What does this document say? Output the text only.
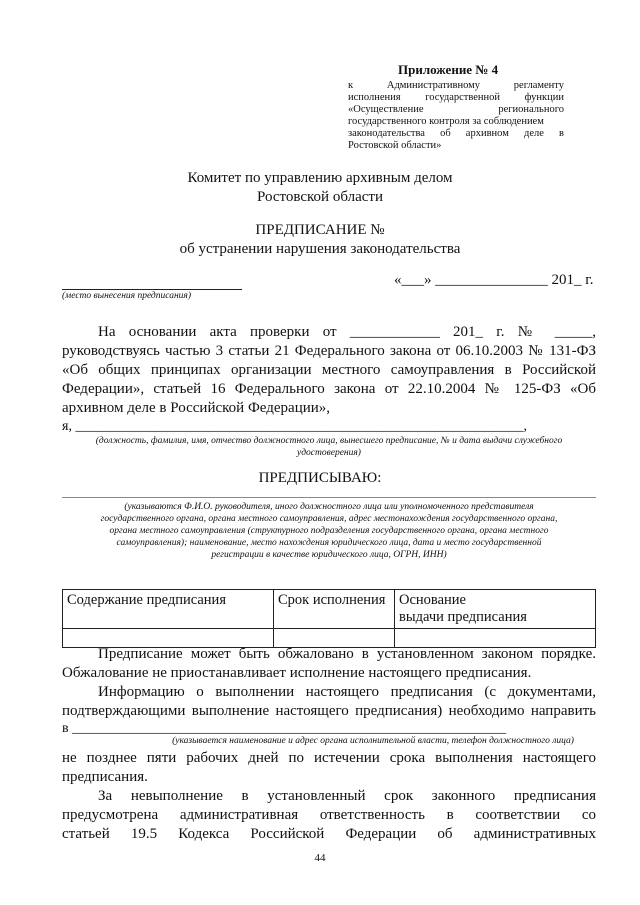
Приложение № 4
к Административному регламенту
исполнения государственной функции
«Осуществление регионального
государственного контроля за соблюдением
законодательства об архивном деле в
Ростовской области»
Комитет по управлению архивным делом
Ростовской области
ПРЕДПИСАНИЕ №
об устранении нарушения законодательства
«___» _______________ 201_ г.
(место вынесения предписания)
На основании акта проверки от ____________ 201_ г. № _____,
руководствуясь частью 3 статьи 21 Федерального закона от 06.10.2003 № 131-ФЗ
«Об общих принципах организации местного самоуправления в Российской
Федерации», статьей 16 Федерального закона от 22.10.2004 № 125-ФЗ «Об
архивном деле в Российской Федерации»,
я, ________________________________________________________________,
(должность, фамилия, имя, отчество должностного лица, вынесшего предписание, № и дата выдачи служебного
удостоверения)
ПРЕДПИСЫВАЮ:
(указываются Ф.И.О. руководителя, иного должностного лица или уполномоченного представителя
государственного органа, органа местного самоуправления, адрес местонахождения государственного органа,
органа местного самоуправления (структурного подразделения государственного органа, органа местного
самоуправления); наименование, место нахождения юридического лица, дата и место государственной
регистрации в качестве юридического лица, ОГРН, ИНН)
Содержание предписания	Срок исполнения	Основание
выдачи предписания

Предписание может быть обжаловано в установленном законом порядке.
Обжалование не приостанавливает исполнение настоящего предписания.
Информацию о выполнении настоящего предписания (с документами,
подтверждающими выполнение настоящего предписания) необходимо направить
в ______________________________________________________________
(указывается наименование и адрес органа исполнительной власти, телефон должностного лица)
не позднее пяти рабочих дней по истечении срока выполнения настоящего
предписания.
За невыполнение в установленный срок законного предписания
предусмотрена административная ответственность в соответствии со
статьей 19.5 Кодекса Российской Федерации об административных
44
